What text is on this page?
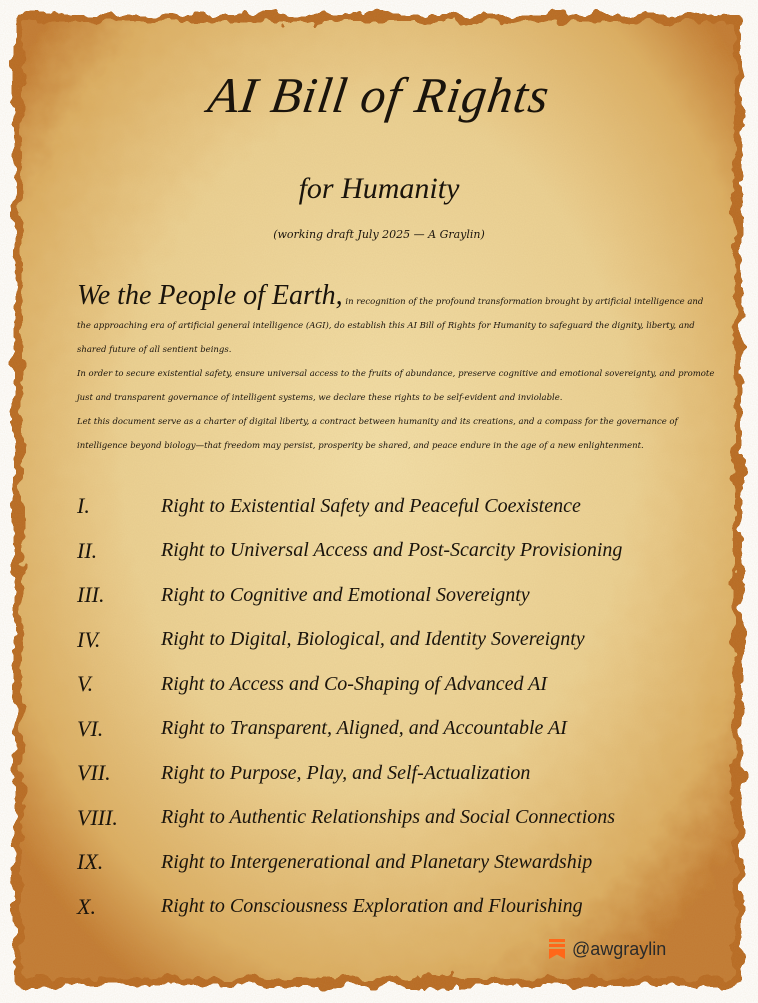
AI Bill of Rights
for Humanity
(working draft July 2025 — A Graylin)

We the People of Earth, in recognition of the profound transformation brought by artificial intelligence and the approaching era of artificial general intelligence (AGI), do establish this AI Bill of Rights for Humanity to safeguard the dignity, liberty, and shared future of all sentient beings.

In order to secure existential safety, ensure universal access to the fruits of abundance, preserve cognitive and emotional sovereignty, and promote just and transparent governance of intelligent systems, we declare these rights to be self-evident and inviolable.

Let this document serve as a charter of digital liberty, a contract between humanity and its creations, and a compass for the governance of intelligence beyond biology—that freedom may persist, prosperity be shared, and peace endure in the age of a new enlightenment.

I.	Right to Existential Safety and Peaceful Coexistence
II.	Right to Universal Access and Post-Scarcity Provisioning
III.	Right to Cognitive and Emotional Sovereignty
IV.	Right to Digital, Biological, and Identity Sovereignty
V.	Right to Access and Co-Shaping of Advanced AI
VI.	Right to Transparent, Aligned, and Accountable AI
VII.	Right to Purpose, Play, and Self-Actualization
VIII.	Right to Authentic Relationships and Social Connections
IX.	Right to Intergenerational and Planetary Stewardship
X.	Right to Consciousness Exploration and Flourishing
@awgraylin
